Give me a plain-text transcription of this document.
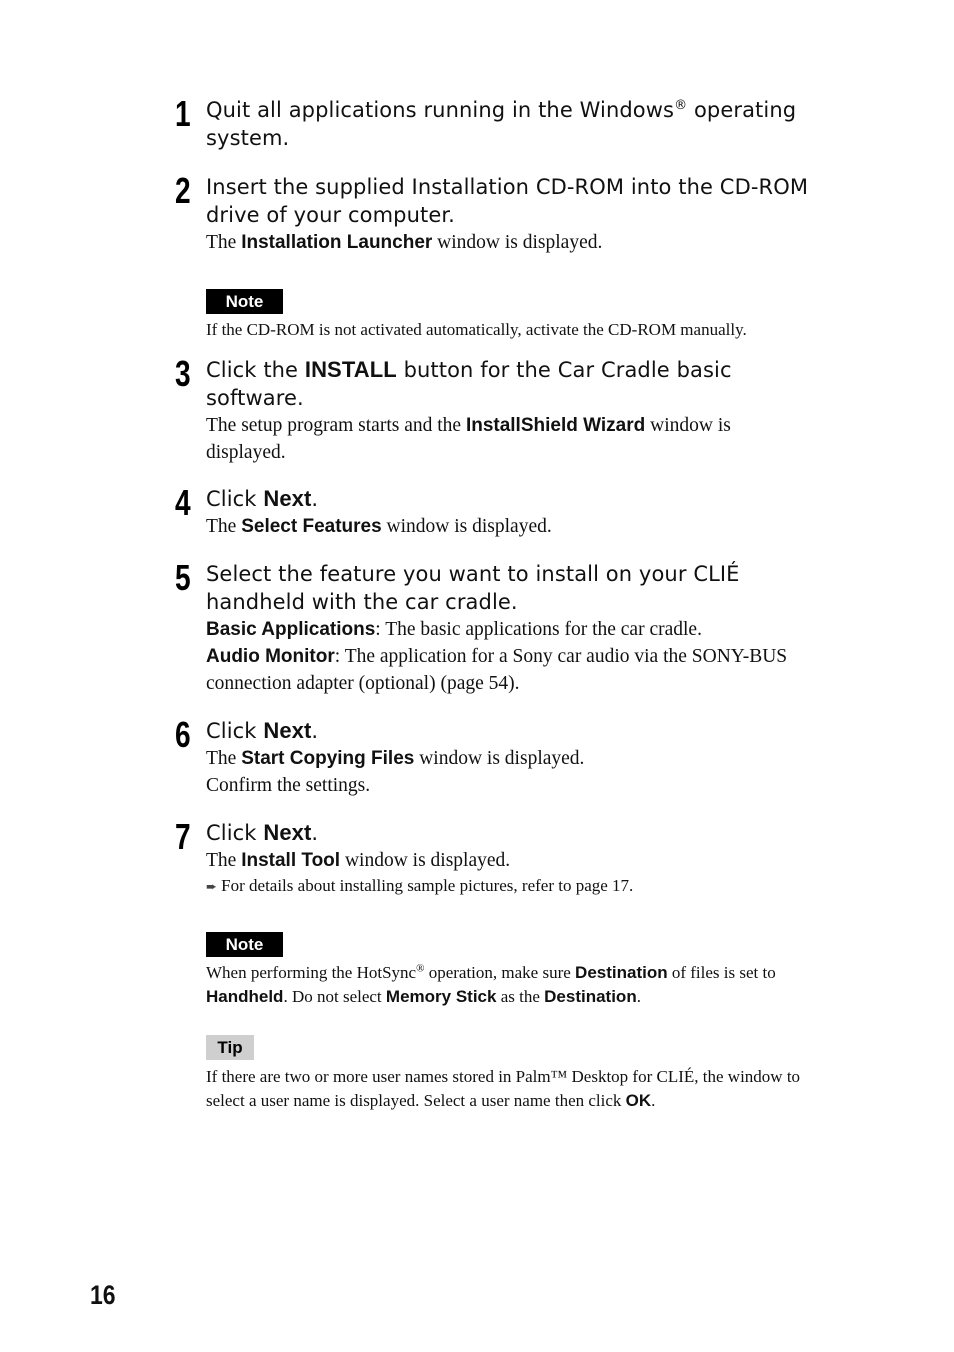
1 Quit all applications running in the Windows® operating system.
2 Insert the supplied Installation CD-ROM into the CD-ROM drive of your computer.
The Installation Launcher window is displayed.
Note
If the CD-ROM is not activated automatically, activate the CD-ROM manually.
3 Click the INSTALL button for the Car Cradle basic software.
The setup program starts and the InstallShield Wizard window is displayed.
4 Click Next.
The Select Features window is displayed.
5 Select the feature you want to install on your CLIÉ handheld with the car cradle.
Basic Applications: The basic applications for the car cradle.
Audio Monitor: The application for a Sony car audio via the SONY-BUS connection adapter (optional) (page 54).
6 Click Next.
The Start Copying Files window is displayed.
Confirm the settings.
7 Click Next.
The Install Tool window is displayed.
➨ For details about installing sample pictures, refer to page 17.
Note
When performing the HotSync® operation, make sure Destination of files is set to Handheld. Do not select Memory Stick as the Destination.
Tip
If there are two or more user names stored in Palm™ Desktop for CLIÉ, the window to select a user name is displayed. Select a user name then click OK.
16
